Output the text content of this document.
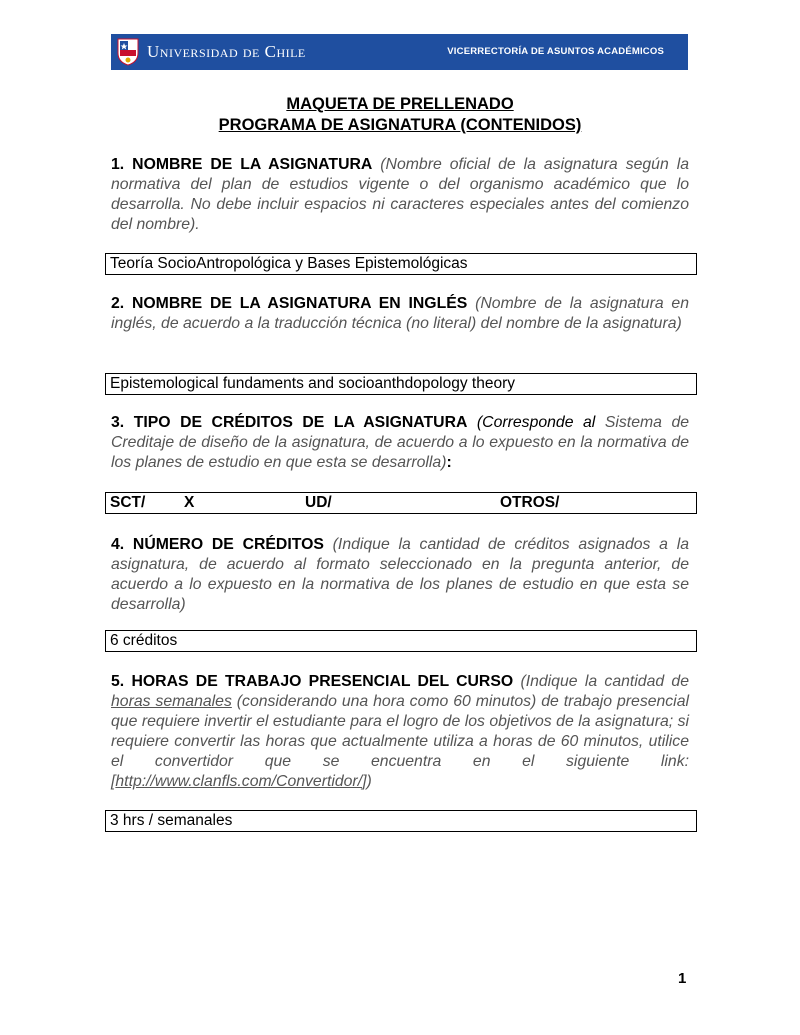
Universidad de Chile	VICERRECTORÍA DE ASUNTOS ACADÉMICOS
MAQUETA DE PRELLENADO
PROGRAMA DE ASIGNATURA (CONTENIDOS)

1. NOMBRE DE LA ASIGNATURA (Nombre oficial de la asignatura según la normativa del plan de estudios vigente o del organismo académico que lo desarrolla. No debe incluir espacios ni caracteres especiales antes del comienzo del nombre).

Teoría SocioAntropológica y Bases Epistemológicas

2. NOMBRE DE LA ASIGNATURA EN INGLÉS (Nombre de la asignatura en inglés, de acuerdo a la traducción técnica (no literal) del nombre de la asignatura)

Epistemological fundaments and socioanthdopology theory

3. TIPO DE CRÉDITOS DE LA ASIGNATURA (Corresponde al Sistema de Creditaje de diseño de la asignatura, de acuerdo a lo expuesto en la normativa de los planes de estudio en que esta se desarrolla):

SCT/ X	UD/	OTROS/

4. NÚMERO DE CRÉDITOS (Indique la cantidad de créditos asignados a la asignatura, de acuerdo al formato seleccionado en la pregunta anterior, de acuerdo a lo expuesto en la normativa de los planes de estudio en que esta se desarrolla)

6 créditos

5. HORAS DE TRABAJO PRESENCIAL DEL CURSO (Indique la cantidad de horas semanales (considerando una hora como 60 minutos) de trabajo presencial que requiere invertir el estudiante para el logro de los objetivos de la asignatura; si requiere convertir las horas que actualmente utiliza a horas de 60 minutos, utilice el convertidor que se encuentra en el siguiente link: [http://www.clanfls.com/Convertidor/])

3 hrs / semanales
1
